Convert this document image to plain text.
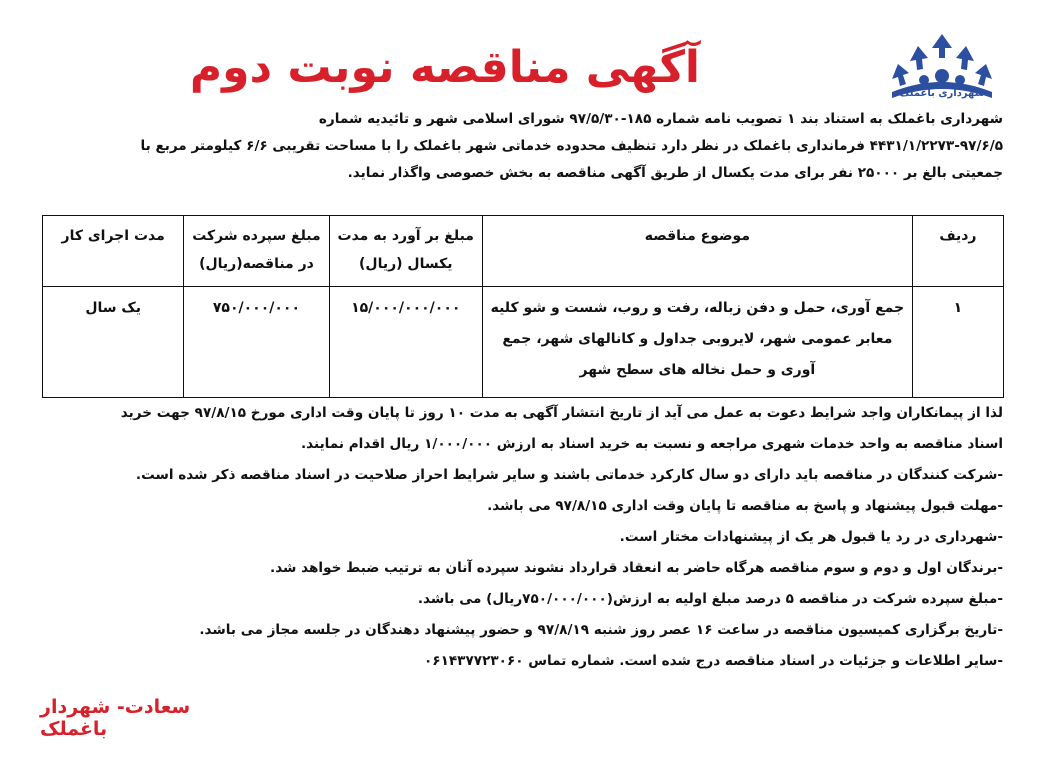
آگهی مناقصه نوبت دوم
شهرداری باغملک

شهرداری باغملک به استناد بند ۱ تصویب نامه شماره ۱۸۵-۹۷/۵/۳۰ شورای اسلامی شهر و تائیدیه شماره

۴۴۳۱/۱/۲۲۷۳-۹۷/۶/۵ فرمانداری باغملک در نظر دارد تنظیف محدوده خدماتی شهر باغملک را با مساحت تقریبی ۶/۶ کیلومتر مربع با

جمعیتی بالغ بر ۲۵۰۰۰ نفر برای مدت یکسال از طریق آگهی مناقصه به بخش خصوصی واگذار نماید.

ردیف	موضوع مناقصه	مبلغ بر آورد به مدت یکسال (ریال)	مبلغ سپرده شرکت در مناقصه(ریال)	مدت اجرای کار
۱	جمع آوری، حمل و دفن زباله، رفت و روب، شست و شو کلیه معابر عمومی شهر، لایروبی جداول و کانالهای شهر، جمع آوری و حمل نخاله های سطح شهر	۱۵/۰۰۰/۰۰۰/۰۰۰	۷۵۰/۰۰۰/۰۰۰	یک سال

لذا از پیمانکاران واجد شرایط دعوت به عمل می آید از تاریخ انتشار آگهی به مدت ۱۰ روز تا پایان وقت اداری مورخ ۹۷/۸/۱۵ جهت خرید

اسناد مناقصه به واحد خدمات شهری مراجعه و نسبت به خرید اسناد به ارزش ۱/۰۰۰/۰۰۰ ریال اقدام نمایند.

-شرکت کنندگان در مناقصه باید دارای دو سال کارکرد خدماتی باشند و سایر شرایط احراز صلاحیت در اسناد مناقصه ذکر شده است.

-مهلت قبول پیشنهاد و پاسخ به مناقصه تا پایان وقت اداری ۹۷/۸/۱۵ می باشد.

-شهرداری در رد یا قبول هر یک از پیشنهادات مختار است.

-برندگان اول و دوم و سوم مناقصه هرگاه حاضر به انعقاد قرارداد نشوند سپرده آنان به ترتیب ضبط خواهد شد.

-مبلغ سپرده شرکت در مناقصه ۵ درصد مبلغ اولیه به ارزش(۷۵۰/۰۰۰/۰۰۰ریال) می باشد.

-تاریخ برگزاری کمیسیون مناقصه در ساعت ۱۶ عصر روز شنبه ۹۷/۸/۱۹ و حضور پیشنهاد دهندگان در جلسه مجاز می باشد.

-سایر اطلاعات و جزئیات در اسناد مناقصه درج شده است. شماره تماس ۰۶۱۴۳۷۷۲۳۰۶۰

سعادت- شهردار باغملک
